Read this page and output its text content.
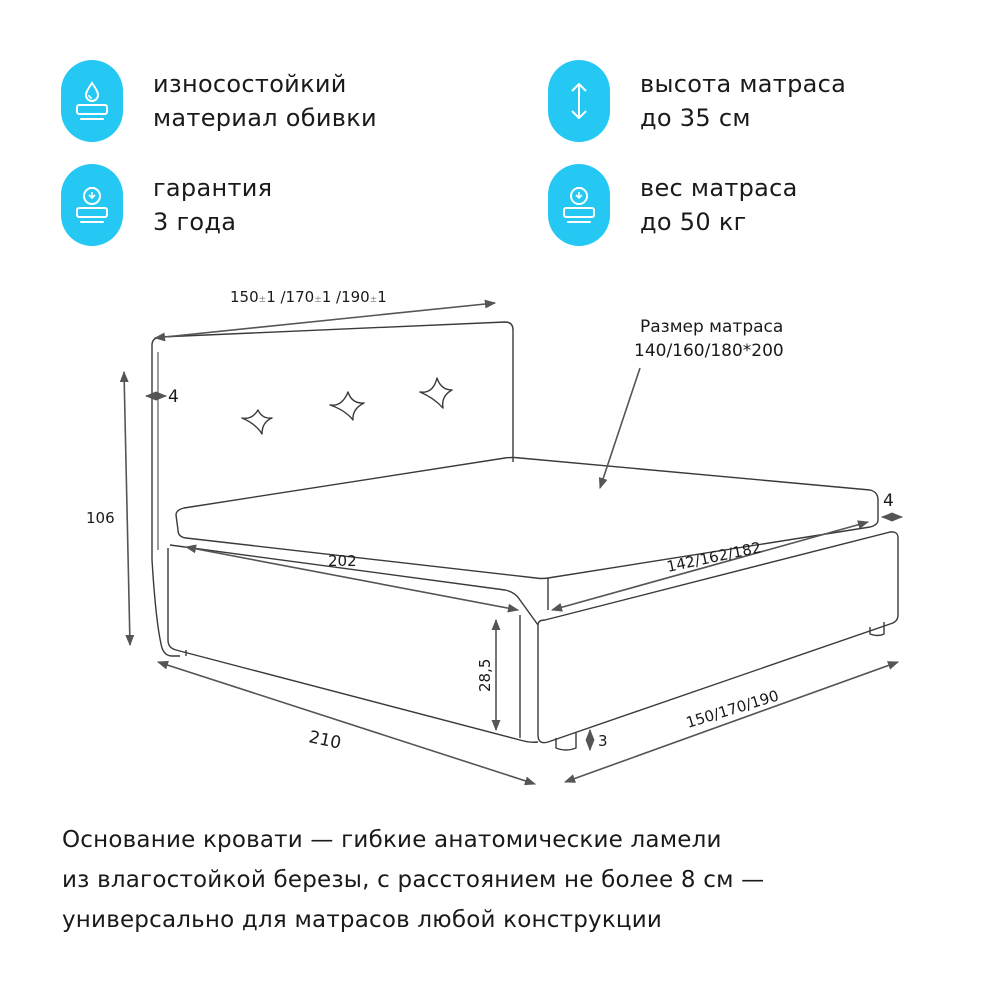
износостойкий
материал обивки
высота матраса
до 35 см
гарантия
3 года
вес матраса
до 50 кг
150±1 /170±1 /190±1
Размер матраса
140/160/180*200
4
4
106
202	142/162/182
28,5
210
150/170/190
3
Основание кровати — гибкие анатомические ламели
из влагостойкой березы, с расстоянием не более 8 см —
универсально для матрасов любой конструкции
